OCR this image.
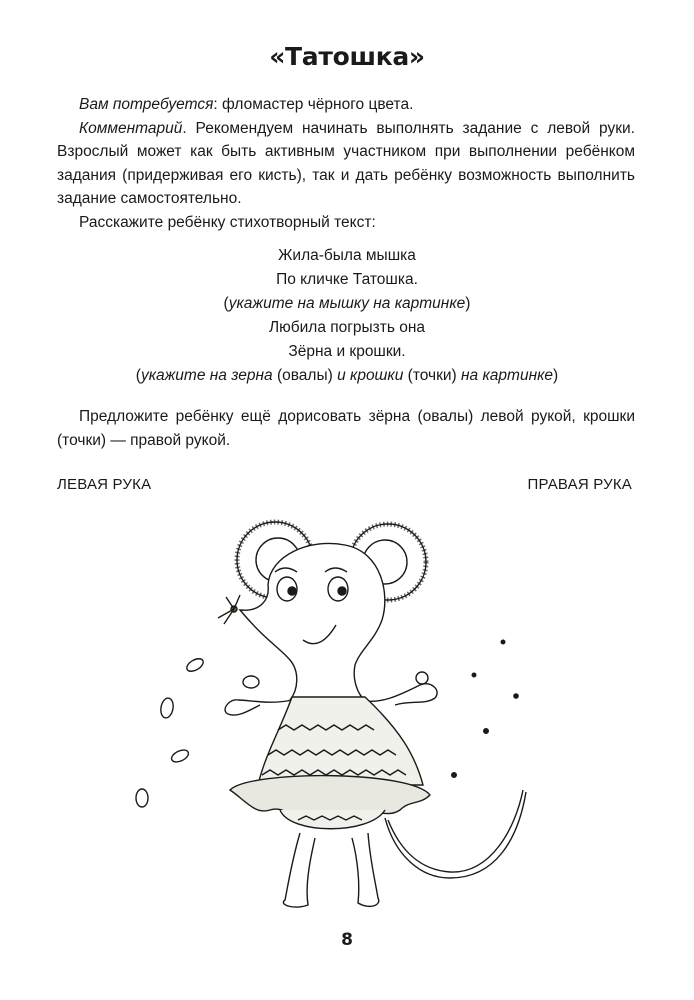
«Татошка»

Вам потребуется: фломастер чёрного цвета.

Комментарий. Рекомендуем начинать выполнять задание с левой руки. Взрослый может как быть активным участником при выполнении ребёнком задания (придерживая его кисть), так и дать ребёнку возможность выполнить задание самостоятельно.

Расскажите ребёнку стихотворный текст:

Жила-была мышка
По кличке Татошка.
(укажите на мышку на картинке)
Любила погрызть она
Зёрна и крошки.
(укажите на зерна (овалы) и крошки (точки) на картинке)

Предложите ребёнку ещё дорисовать зёрна (овалы) левой рукой, крошки (точки) — правой рукой.

ЛЕВАЯ РУКА	ПРАВАЯ РУКА
8
